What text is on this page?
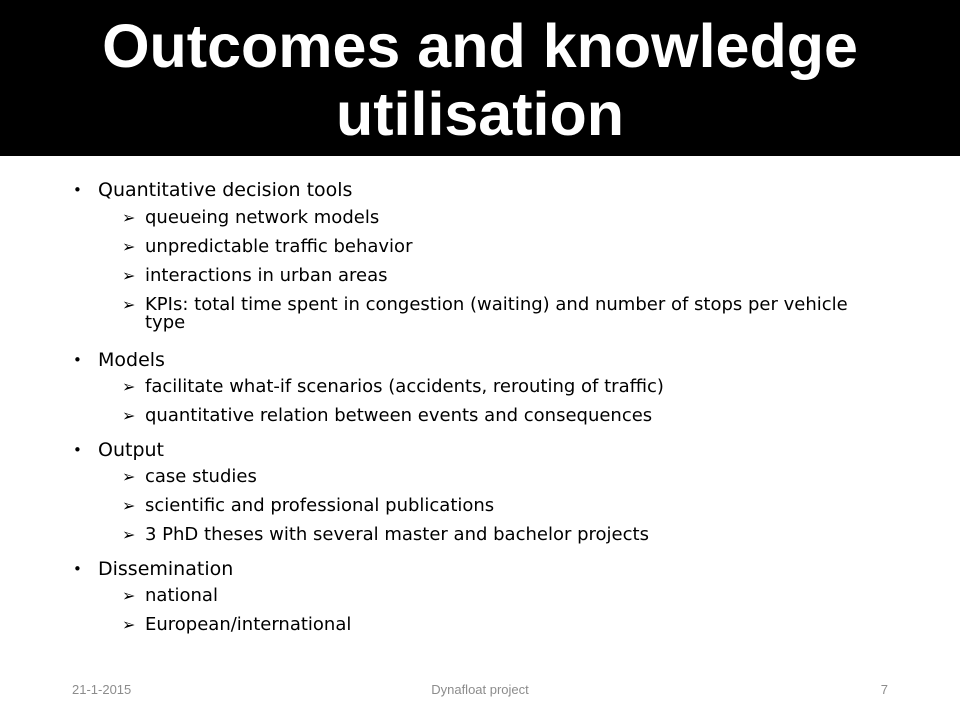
Outcomes and knowledge
utilisation
• Quantitative decision tools
➢ queueing network models
➢ unpredictable traffic behavior
➢ interactions in urban areas
➢ KPIs: total time spent in congestion (waiting) and number of stops per vehicle type
• Models
➢ facilitate what-if scenarios (accidents, rerouting of traffic)
➢ quantitative relation between events and consequences
• Output
➢ case studies
➢ scientific and professional publications
➢ 3 PhD theses with several master and bachelor projects
• Dissemination
➢ national
➢ European/international
21-1-2015	Dynafloat project	7
